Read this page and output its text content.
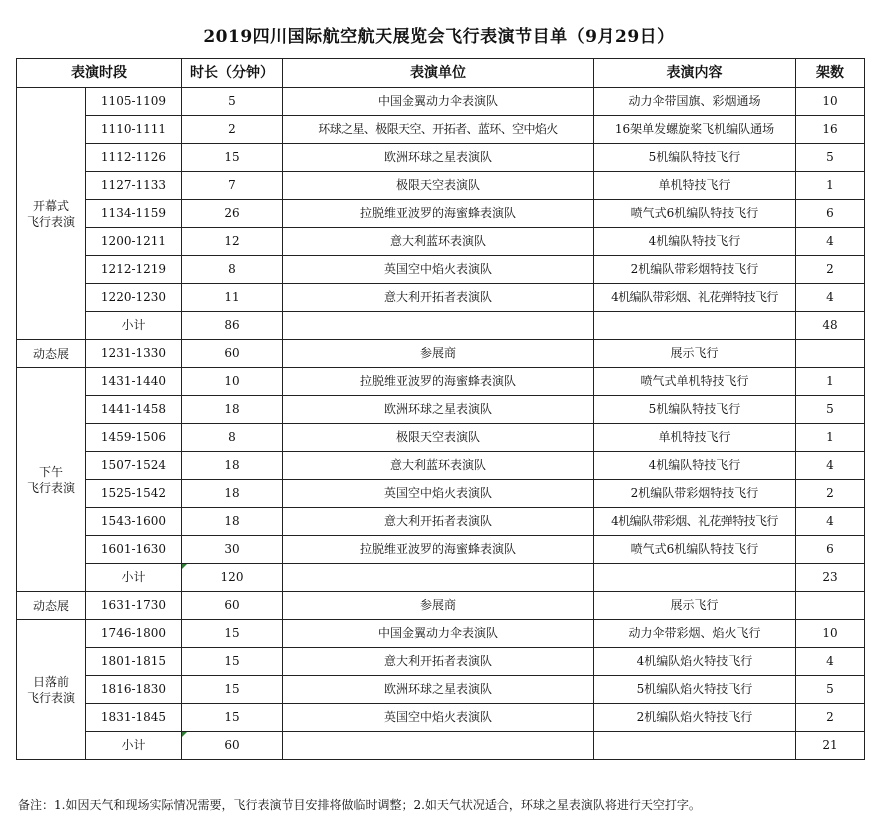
2019四川国际航空航天展览会飞行表演节目单（9月29日）
表演时段		时长（分钟）	表演单位	表演内容	架数
开幕式
飞行表演	1105-1109	5	中国金翼动力伞表演队	动力伞带国旗、彩烟通场	10
	1110-1111	2	环球之星、极限天空、开拓者、蓝环、空中焰火	16架单发螺旋桨飞机编队通场	16
	1112-1126	15	欧洲环球之星表演队	5机编队特技飞行	5
	1127-1133	7	极限天空表演队	单机特技飞行	1
	1134-1159	26	拉脱维亚波罗的海蜜蜂表演队	喷气式6机编队特技飞行	6
	1200-1211	12	意大利蓝环表演队	4机编队特技飞行	4
	1212-1219	8	英国空中焰火表演队	2机编队带彩烟特技飞行	2
	1220-1230	11	意大利开拓者表演队	4机编队带彩烟、礼花弹特技飞行	4
	小计	86			48
动态展	1231-1330	60	参展商	展示飞行	
下午
飞行表演	1431-1440	10	拉脱维亚波罗的海蜜蜂表演队	喷气式单机特技飞行	1
	1441-1458	18	欧洲环球之星表演队	5机编队特技飞行	5
	1459-1506	8	极限天空表演队	单机特技飞行	1
	1507-1524	18	意大利蓝环表演队	4机编队特技飞行	4
	1525-1542	18	英国空中焰火表演队	2机编队带彩烟特技飞行	2
	1543-1600	18	意大利开拓者表演队	4机编队带彩烟、礼花弹特技飞行	4
	1601-1630	30	拉脱维亚波罗的海蜜蜂表演队	喷气式6机编队特技飞行	6
	小计	120			23
动态展	1631-1730	60	参展商	展示飞行	
日落前
飞行表演	1746-1800	15	中国金翼动力伞表演队	动力伞带彩烟、焰火飞行	10
	1801-1815	15	意大利开拓者表演队	4机编队焰火特技飞行	4
	1816-1830	15	欧洲环球之星表演队	5机编队焰火特技飞行	5
	1831-1845	15	英国空中焰火表演队	2机编队焰火特技飞行	2
	小计	60			21
备注：1.如因天气和现场实际情况需要，飞行表演节目安排将做临时调整；2.如天气状况适合，环球之星表演队将进行天空打字。
